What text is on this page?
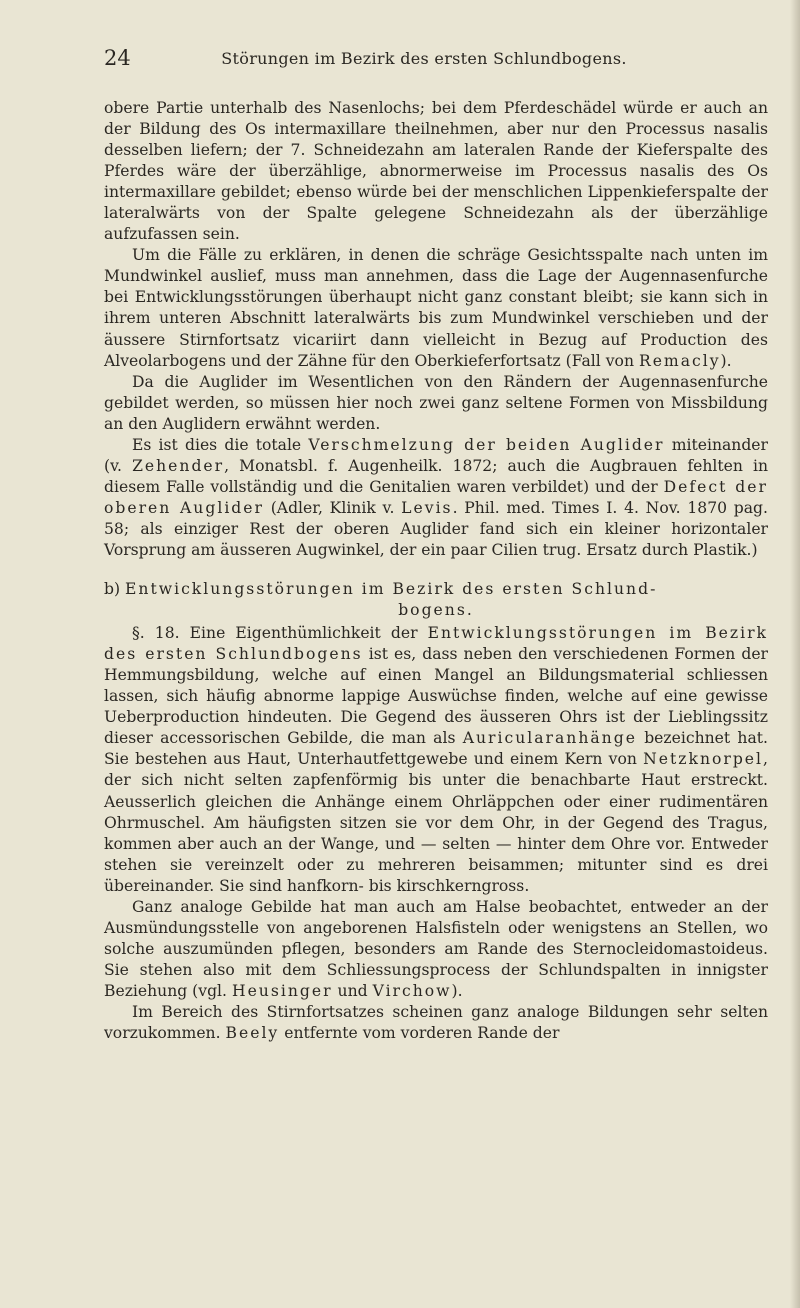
24	Störungen im Bezirk des ersten Schlundbogens.

obere Partie unterhalb des Nasenlochs; bei dem Pferdeschädel würde er auch an der Bildung des Os intermaxillare theilnehmen, aber nur den Processus nasalis desselben liefern; der 7. Schneidezahn am lateralen Rande der Kieferspalte des Pferdes wäre der überzählige, abnormerweise im Processus nasalis des Os intermaxillare gebildet; ebenso würde bei der menschlichen Lippenkieferspalte der lateralwärts von der Spalte gelegene Schneidezahn als der überzählige aufzufassen sein.

Um die Fälle zu erklären, in denen die schräge Gesichtsspalte nach unten im Mundwinkel auslief, muss man annehmen, dass die Lage der Augennasenfurche bei Entwicklungsstörungen überhaupt nicht ganz constant bleibt; sie kann sich in ihrem unteren Abschnitt lateralwärts bis zum Mundwinkel verschieben und der äussere Stirnfortsatz vicariirt dann vielleicht in Bezug auf Production des Alveolarbogens und der Zähne für den Oberkieferfortsatz (Fall von Remacly).

Da die Auglider im Wesentlichen von den Rändern der Augennasenfurche gebildet werden, so müssen hier noch zwei ganz seltene Formen von Missbildung an den Auglidern erwähnt werden.

Es ist dies die totale Verschmelzung der beiden Auglider miteinander (v. Zehender, Monatsbl. f. Augenheilk. 1872; auch die Augbrauen fehlten in diesem Falle vollständig und die Genitalien waren verbildet) und der Defect der oberen Auglider (Adler, Klinik v. Levis. Phil. med. Times I. 4. Nov. 1870 pag. 58; als einziger Rest der oberen Auglider fand sich ein kleiner horizontaler Vorsprung am äusseren Augwinkel, der ein paar Cilien trug. Ersatz durch Plastik.)

b) Entwicklungsstörungen im Bezirk des ersten Schlund-
bogens.

§. 18. Eine Eigenthümlichkeit der Entwicklungsstörungen im Bezirk des ersten Schlundbogens ist es, dass neben den verschiedenen Formen der Hemmungsbildung, welche auf einen Mangel an Bildungsmaterial schliessen lassen, sich häufig abnorme lappige Auswüchse finden, welche auf eine gewisse Ueberproduction hindeuten. Die Gegend des äusseren Ohrs ist der Lieblingssitz dieser accessorischen Gebilde, die man als Auricularanhänge bezeichnet hat. Sie bestehen aus Haut, Unterhautfettgewebe und einem Kern von Netzknorpel, der sich nicht selten zapfenförmig bis unter die benachbarte Haut erstreckt. Aeusserlich gleichen die Anhänge einem Ohrläppchen oder einer rudimentären Ohrmuschel. Am häufigsten sitzen sie vor dem Ohr, in der Gegend des Tragus, kommen aber auch an der Wange, und — selten — hinter dem Ohre vor. Entweder stehen sie vereinzelt oder zu mehreren beisammen; mitunter sind es drei übereinander. Sie sind hanfkorn- bis kirschkerngross.

Ganz analoge Gebilde hat man auch am Halse beobachtet, entweder an der Ausmündungsstelle von angeborenen Halsfisteln oder wenigstens an Stellen, wo solche auszumünden pflegen, besonders am Rande des Sternocleidomastoideus. Sie stehen also mit dem Schliessungsprocess der Schlundspalten in innigster Beziehung (vgl. Heusinger und Virchow).

Im Bereich des Stirnfortsatzes scheinen ganz analoge Bildungen sehr selten vorzukommen. Beely entfernte vom vorderen Rande der
